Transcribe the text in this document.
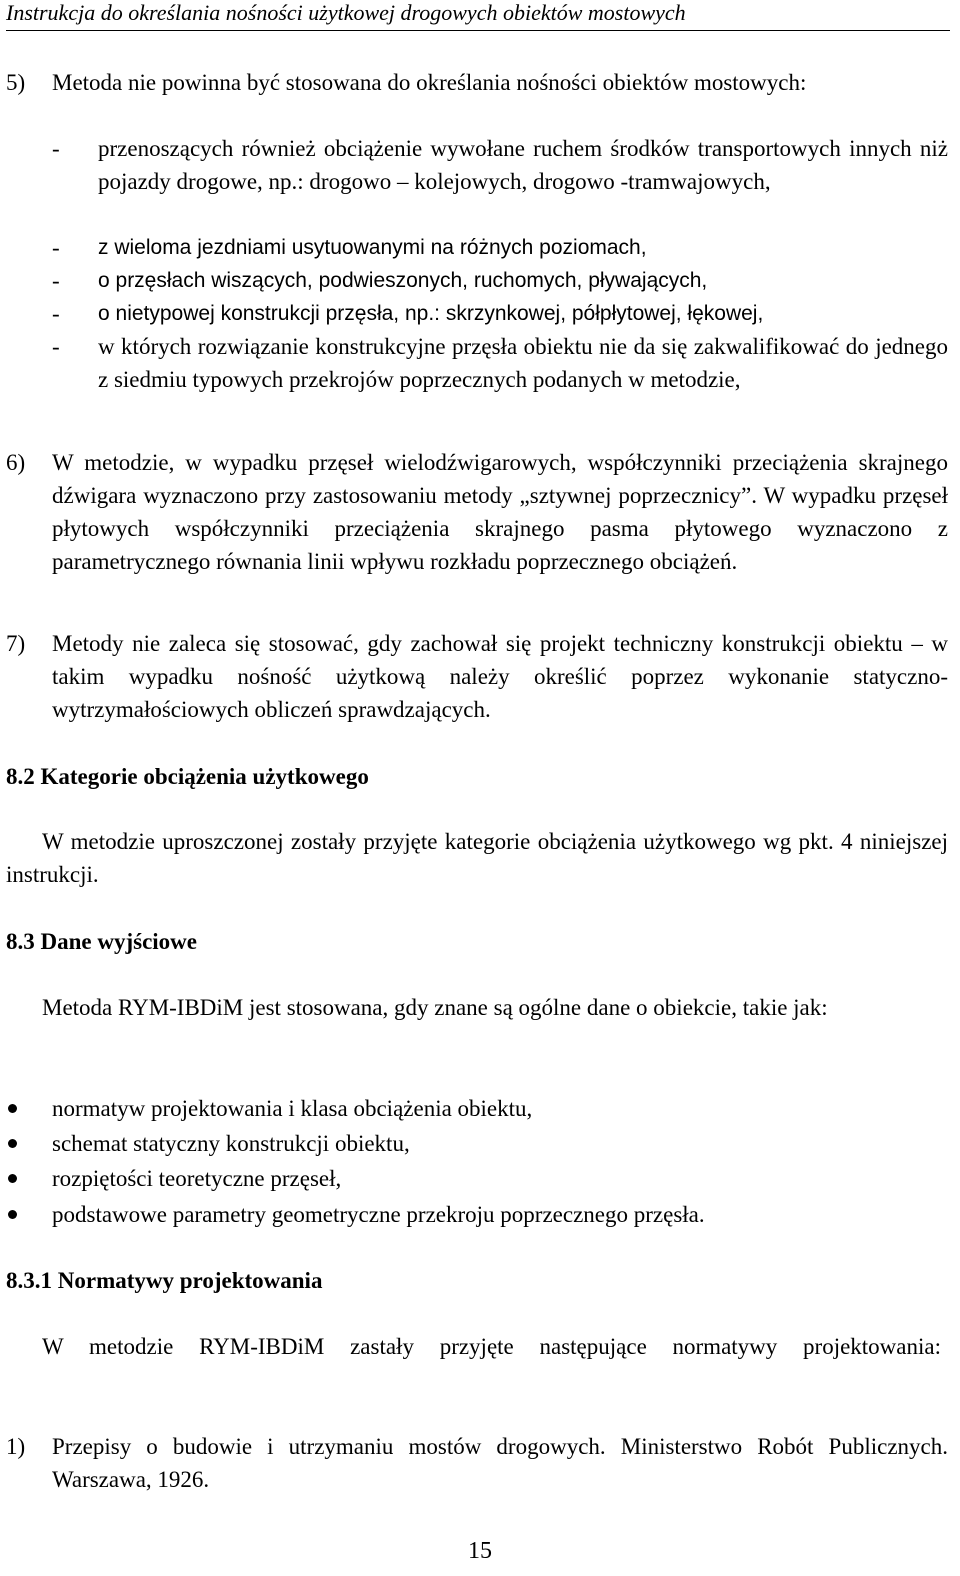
Instrukcja do określania nośności użytkowej drogowych obiektów mostowych
5) Metoda nie powinna być stosowana do określania nośności obiektów mostowych:
- przenoszących również obciążenie wywołane ruchem środków transportowych innych niż pojazdy drogowe, np.: drogowo – kolejowych, drogowo -tramwajowych,
- z wieloma jezdniami usytuowanymi na różnych poziomach,
- o przęsłach wiszących, podwieszonych, ruchomych, pływających,
- o nietypowej konstrukcji przęsła, np.: skrzynkowej, półpłytowej, łękowej,
- w których rozwiązanie konstrukcyjne przęsła obiektu nie da się zakwalifikować do jednego z siedmiu typowych przekrojów poprzecznych podanych w metodzie,
6) W metodzie, w wypadku przęseł wielodźwigarowych, współczynniki przeciążenia skrajnego dźwigara wyznaczono przy zastosowaniu metody „sztywnej poprzecznicy”. W wypadku przęseł płytowych współczynniki przeciążenia skrajnego pasma płytowego wyznaczono z parametrycznego równania linii wpływu rozkładu poprzecznego obciążeń.
7) Metody nie zaleca się stosować, gdy zachował się projekt techniczny konstrukcji obiektu – w takim wypadku nośność użytkową należy określić poprzez wykonanie statyczno-wytrzymałościowych obliczeń sprawdzających.
8.2 Kategorie obciążenia użytkowego
W metodzie uproszczonej zostały przyjęte kategorie obciążenia użytkowego wg pkt. 4 niniejszej instrukcji.
8.3 Dane wyjściowe
Metoda RYM-IBDiM jest stosowana, gdy znane są ogólne dane o obiekcie, takie jak:
normatyw projektowania i klasa obciążenia obiektu,
schemat statyczny konstrukcji obiektu,
rozpiętości teoretyczne przęseł,
podstawowe parametry geometryczne przekroju poprzecznego przęsła.
8.3.1 Normatywy projektowania
W metodzie RYM-IBDiM zastały przyjęte następujące normatywy projektowania:
1) Przepisy o budowie i utrzymaniu mostów drogowych. Ministerstwo Robót Publicznych. Warszawa, 1926.
15
